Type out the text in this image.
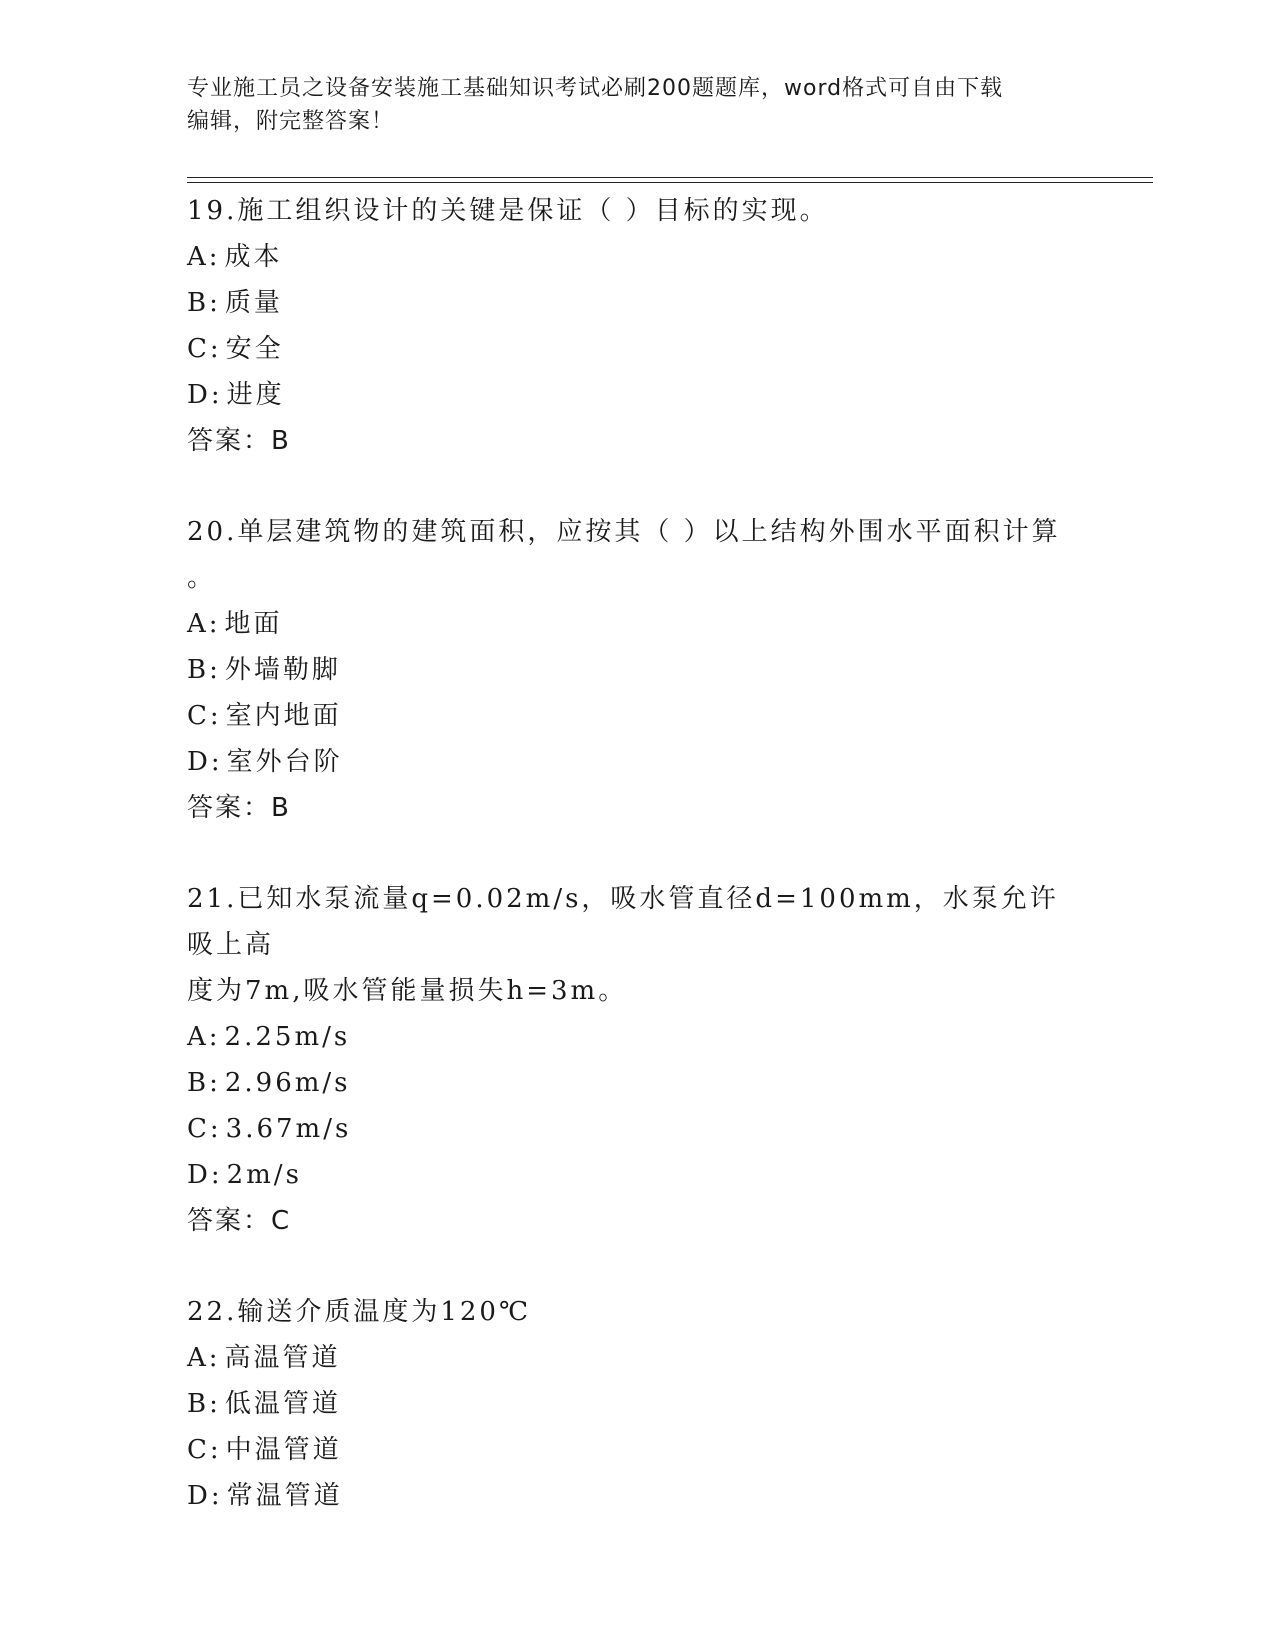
专业施工员之设备安装施工基础知识考试必刷200题题库，word格式可自由下载
编辑，附完整答案！
19.施工组织设计的关键是保证（ ）目标的实现。
A: 成本
B: 质量
C: 安全
D: 进度
答案：B
20.单层建筑物的建筑面积，应按其（ ）以上结构外围水平面积计算
。
A: 地面
B: 外墙勒脚
C: 室内地面
D: 室外台阶
答案：B
21.已知水泵流量q=0.02m/s，吸水管直径d=100mm，水泵允许吸上高
度为7m,吸水管能量损失h=3m。
A: 2.25m/s
B: 2.96m/s
C: 3.67m/s
D: 2m/s
答案：C
22.输送介质温度为120℃
A: 高温管道
B: 低温管道
C: 中温管道
D: 常温管道
